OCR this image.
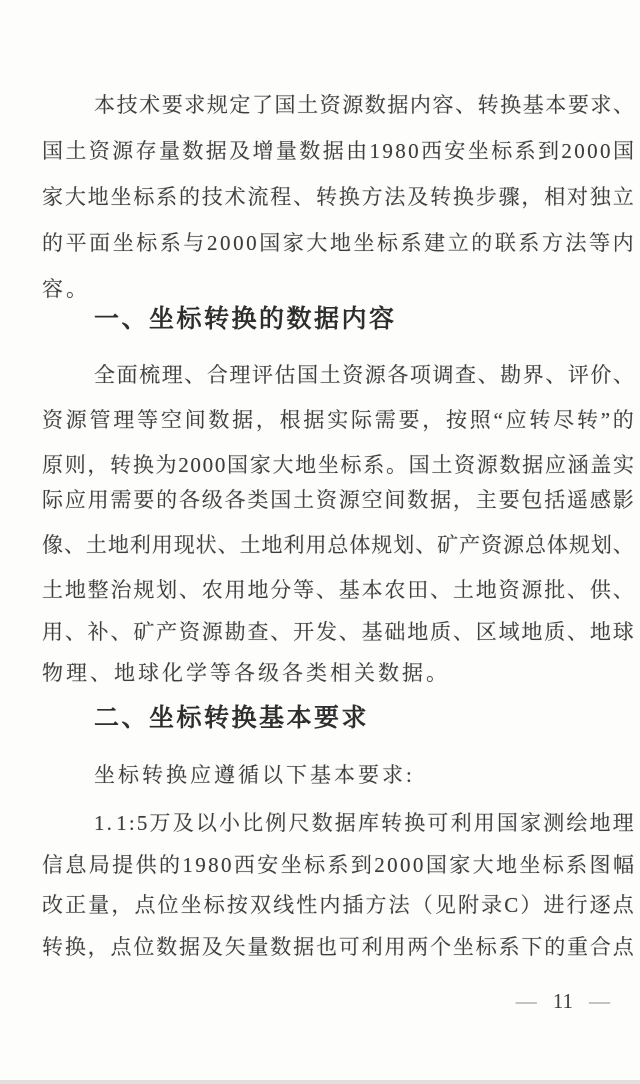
本 技 术 要 求 规 定 了 国 土 资 源 数 据 内 容 、 转 换 基 本 要 求 、
国 土 资 源 存 量 数 据 及 增 量 数 据 由 1 9 8 0 西 安 坐 标 系 到 2 0 0 0 国
家 大 地 坐 标 系 的 技 术 流 程 、 转 换 方 法 及 转 换 步 骤 ， 相 对 独 立
的 平 面 坐 标 系 与 2 0 0 0 国 家 大 地 坐 标 系 建 立 的 联 系 方 法 等 内
容。
一、坐标转换的数据内容
全 面 梳 理 、 合 理 评 估 国 土 资 源 各 项 调 查 、 勘 界 、 评 价 、
资 源 管 理 等 空 间 数 据 ， 根 据 实 际 需 要 ， 按 照 “ 应 转 尽 转 ” 的
原 则 ， 转 换 为 2 0 0 0 国 家 大 地 坐 标 系 。 国 土 资 源 数 据 应 涵 盖 实
际 应 用 需 要 的 各 级 各 类 国 土 资 源 空 间 数 据 ， 主 要 包 括 遥 感 影
像 、 土 地 利 用 现 状 、 土 地 利 用 总 体 规 划 、 矿 产 资 源 总 体 规 划 、
土 地 整 治 规 划 、 农 用 地 分 等 、 基 本 农 田 、 土 地 资 源 批 、 供 、
用 、 补 、 矿 产 资 源 勘 查 、 开 发 、 基 础 地 质 、 区 域 地 质 、 地 球
物理、地球化学等各级各类相关数据。
二、坐标转换基本要求
坐标转换应遵循以下基本要求:
1 . 1 : 5 万 及 以 小 比 例 尺 数 据 库 转 换 可 利 用 国 家 测 绘 地 理
信 息 局 提 供 的 1 9 8 0 西 安 坐 标 系 到 2 0 0 0 国 家 大 地 坐 标 系 图 幅
改 正 量 ， 点 位 坐 标 按 双 线 性 内 插 方 法 （ 见 附 录 C ） 进 行 逐 点
转 换 ， 点 位 数 据 及 矢 量 数 据 也 可 利 用 两 个 坐 标 系 下 的 重 合 点
— 11 —
